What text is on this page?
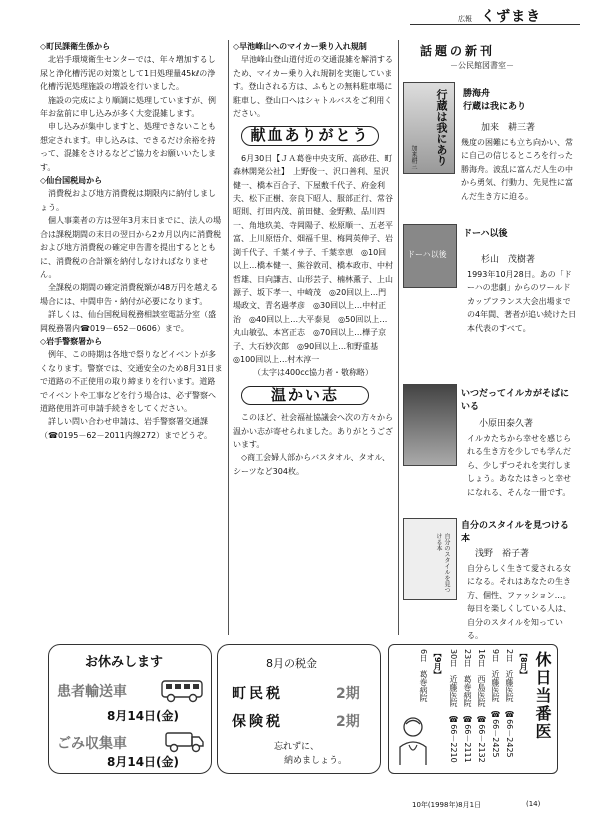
広報 くずまき
◇町民課衛生係から

北岩手環境衛生センターでは、年々増加するし尿と浄化槽汚泥の対策として1日処理量45kℓの浄化槽汚泥処理施設の増設を行いました。

施設の完成により順調に処理していますが、例年お盆前に申し込みが多く大変混雑します。

申し込みが集中しますと、処理できないことも想定されます。申し込みは、できるだけ余裕を持って、混雑をさけるなどご協力をお願いいたします。

◇仙台国税局から

消費税および地方消費税は期限内に納付しましょう。

個人事業者の方は翌年3月末日までに、法人の場合は課税期間の末日の翌日から2カ月以内に消費税および地方消費税の確定申告書を提出するとともに、消費税の合計額を納付しなければなりません。

全課税の期間の確定消費税額が48万円を越える場合には、中間申告・納付が必要になります。

詳しくは、仙台国税局税務相談室電話分室（盛岡税務署内☎019－652－0606）まで。

◇岩手警察署から

例年、この時期は各地で祭りなどイベントが多くなります。警察では、交通安全のため8月31日まで道路の不正使用の取り締まりを行います。道路でイベントや工事などを行う場合は、必ず警察へ道路使用許可申請手続きをしてください。

詳しい問い合わせ申請は、岩手警察署交通課（☎0195－62－2011内線272）までどうぞ。

◇早池峰山へのマイカー乗り入れ規制

早池峰山登山道付近の交通混雑を解消するため、マイカー乗り入れ規制を実施しています。登山される方は、ふもとの無料駐車場に駐車し、登山口へはシャトルバスをご利用ください。

献血ありがとう

6月30日【ＪＡ葛巻中央支所、高砂荘、町森林開発公社】　上野俊一、沢口善利、星沢健一、橋本百合子、下屋敷千代子、府金利夫、松下正樹、奈良下昭人、服部正行、常谷昭則、打田内茂、前田健、金野勲、品川四一、角地玖美、寺岡陽子、松原順一、五老平富、上川原悟介、畑福千里、梅岡英伸子、岩渕千代子、千葉イサ子、千葉幸恵　◎10回以上…橋本健一、熊谷敦司、橋本政市、中村哲雄、日向謙吉、山形芸子、楠林薫子、上山源子、坂下孝一、中崎茂　◎20回以上…門場政文、青名過孝彦　◎30回以上…中村正治　◎40回以上…大平泰見　◎50回以上…丸山敏弘、本宮正志　◎70回以上…樺子京子、大石妙次郎　◎90回以上…和野重基　◎100回以上…村木淳一

（太字は400cc協力者・敬称略）
温かい志

このほど、社会福祉協議会へ次の方々から温かい志が寄せられました。ありがとうございます。

◇商工会婦人部からバスタオル、タオル、シーツなど304枚。

話題の新刊
－公民館図書室－
行蔵は我にあり
加来耕三
勝海舟
行蔵は我にあり
加来　耕三著
幾度の困難にも立ち向かい、常に自己の信じるところを行った勝海舟。波乱に富んだ人生の中から勇気、行動力、先見性に富んだ生き方に迫る。
ドーハ以後
ドーハ以後
杉山　茂樹著
1993年10月28日。あの「ドーハの悲劇」からのワールドカップフランス大会出場までの4年間、著者が追い続けた日本代表のすべて。
いつだってイルカがそばにいる
小原田泰久著
イルカたちから幸せを感じられる生き方を少しでも学んだら、少しずつそれを実行しましょう。あなたはきっと幸せになれる、そんな一冊です。
自分のスタイルを見つける本
自分のスタイルを見つける本
浅野　裕子著
自分らしく生きて愛される女になる。それはあなたの生き方、個性、ファッション…。毎日を楽しくしている人は、自分のスタイルを知っている。
お休みします
患者輸送車
8月14日(金)
ごみ収集車
8月14日(金)
8月の税金
町民税	2期
保険税	2期
忘れずに、
納めましょう。
休日当番医
【8月】
2日　近藤医院　☎66－2425
9日　近藤医院　☎66－2425
16日　西島医院　☎66－2132
23日　葛巻病院　☎66－2111
30日　近藤医院　☎66－2210
【9月】
6日　葛巻病院
10年(1998年)8月1日	(14)
